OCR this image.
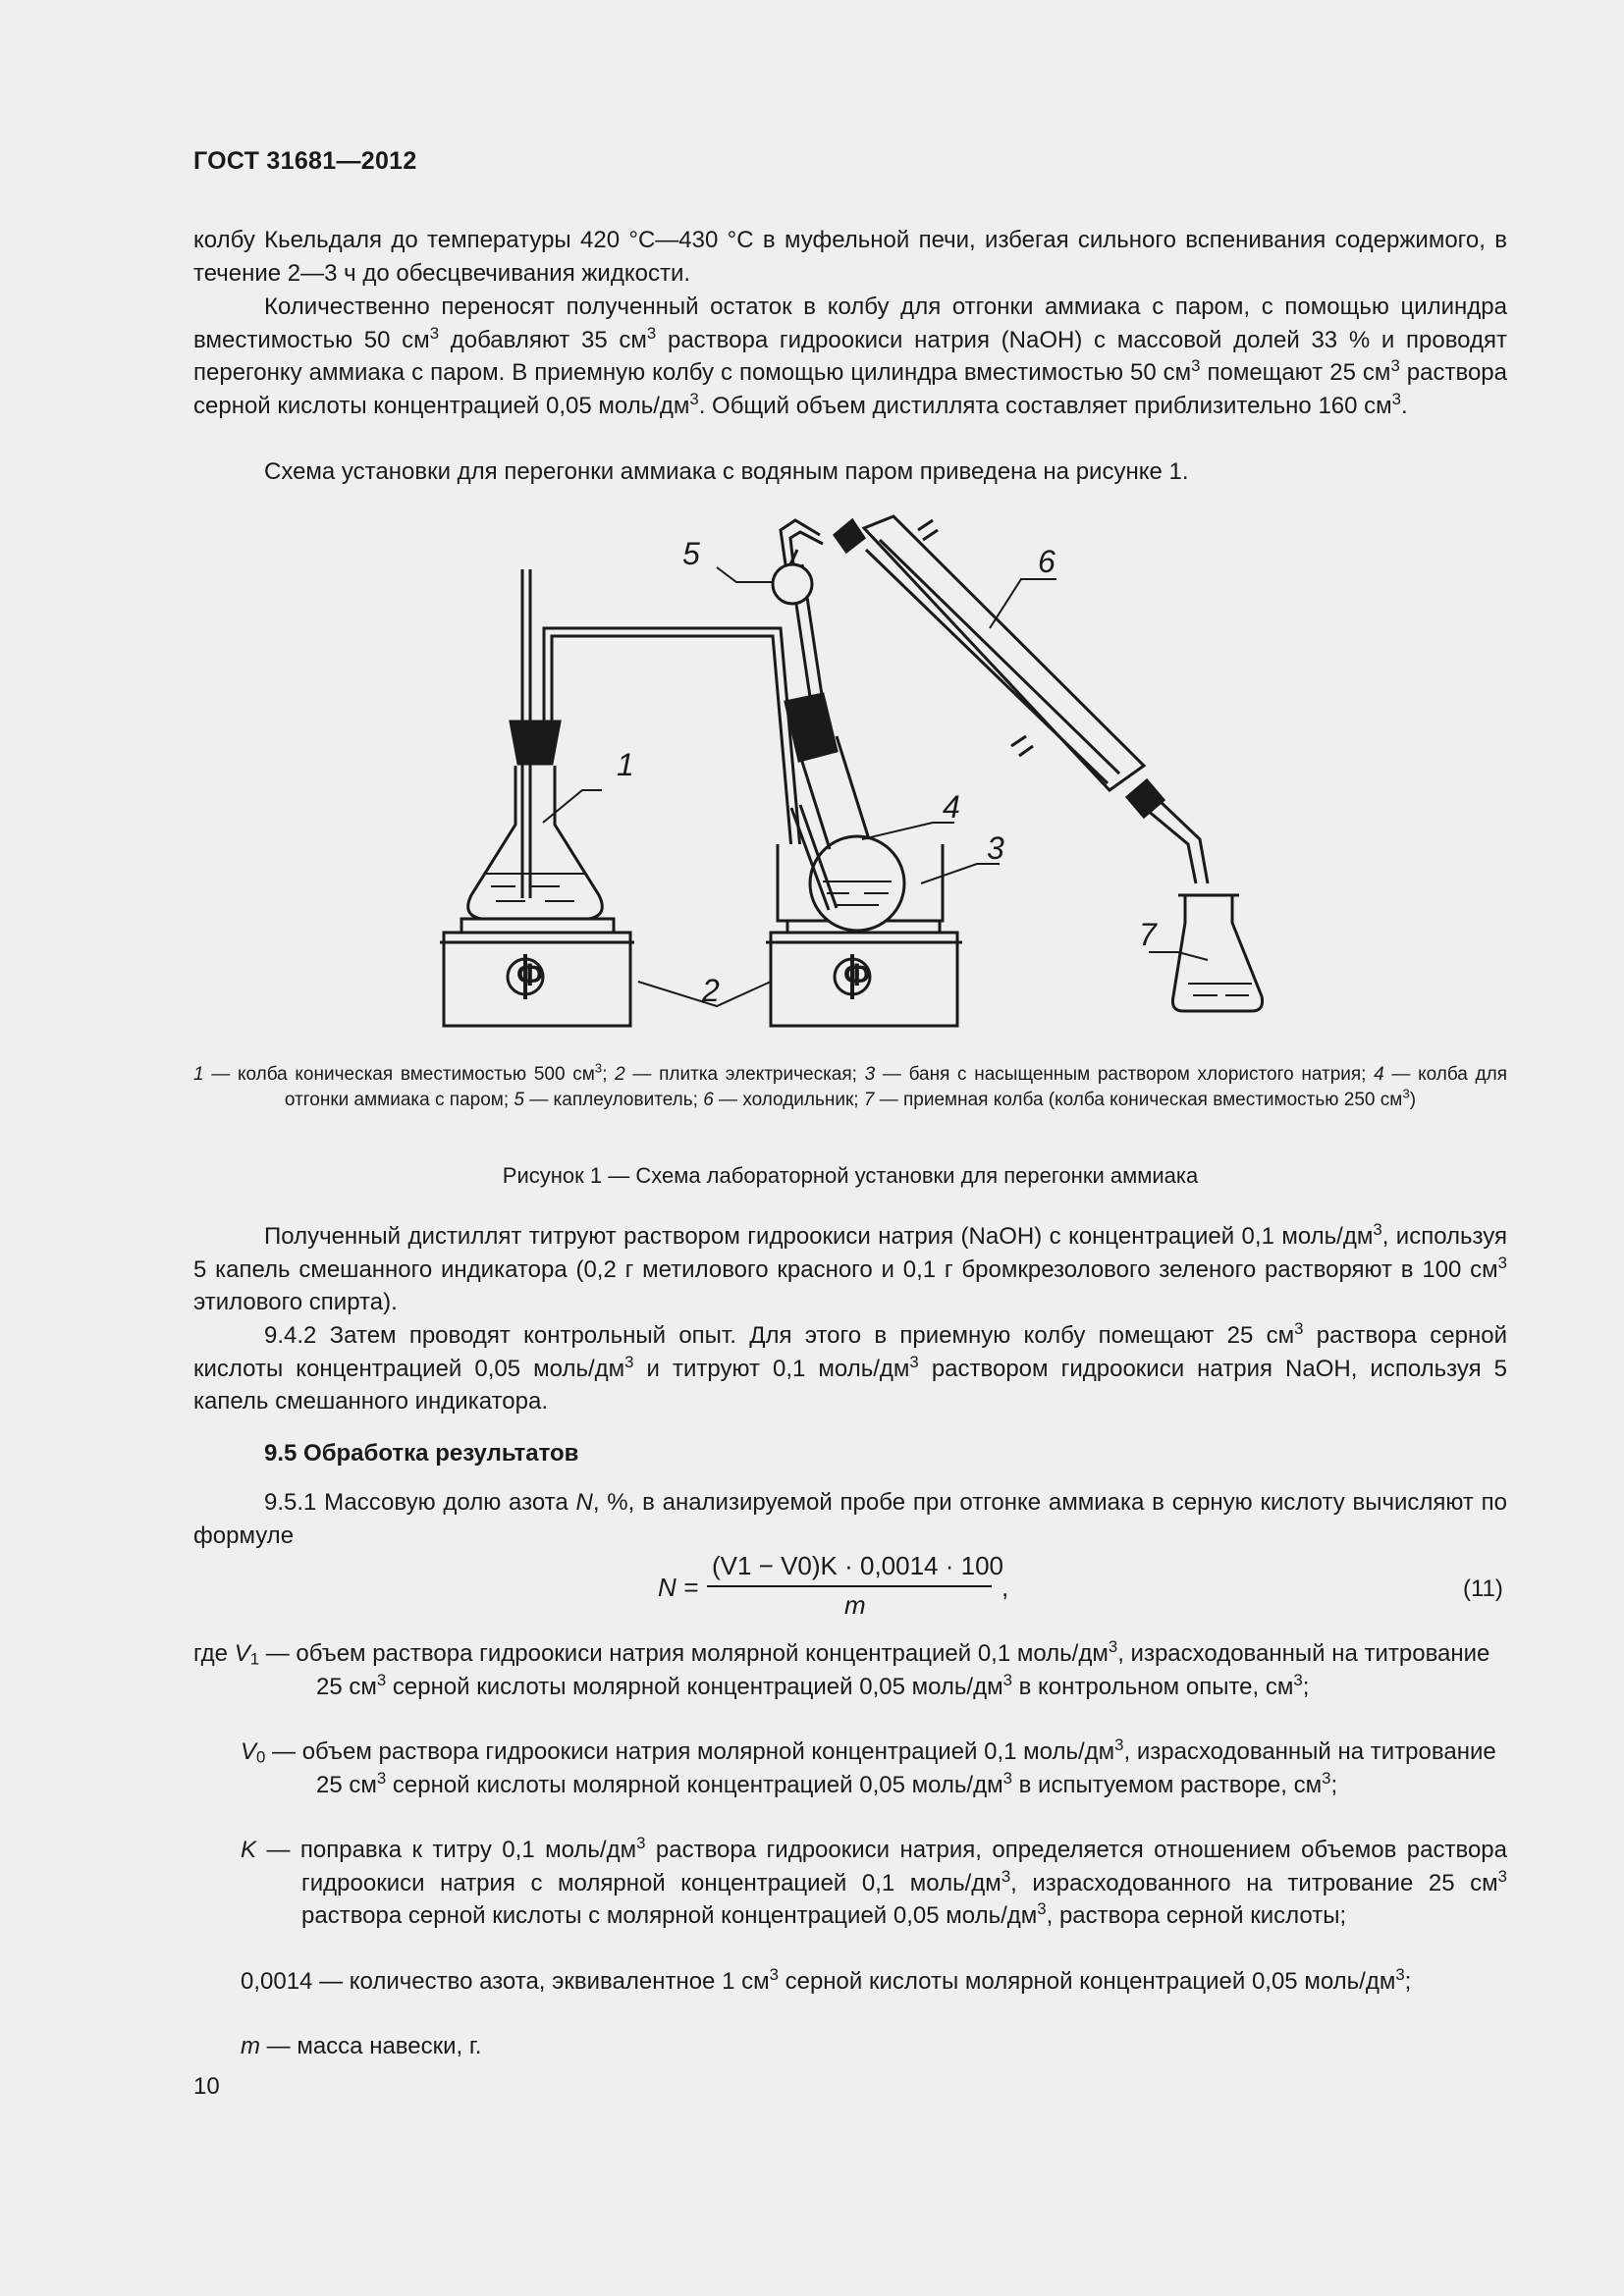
ГОСТ 31681—2012

колбу Кьельдаля до температуры 420 °С—430 °С в муфельной печи, избегая сильного вспенивания содержимого, в течение 2—3 ч до обесцвечивания жидкости.

Количественно переносят полученный остаток в колбу для отгонки аммиака с паром, с помощью цилиндра вместимостью 50 $см^3$ добавляют 35 $см^3$ раствора гидроокиси натрия (NaOH) с массовой долей 33 % и проводят перегонку аммиака с паром. В приемную колбу с помощью цилиндра вместимостью 50 $см^3$ помещают 25 $см^3$ раствора серной кислоты концентрацией 0,05 моль/$дм^3$. Общий объем дистиллята составляет приблизительно 160 $см^3$.

Схема установки для перегонки аммиака с водяным паром приведена на рисунке 1.

Ф
1
Ф
2
3
4
5	6
7
1 — колба коническая вместимостью 500 $см^3$; 2 — плитка электрическая; 3 — баня с насыщенным раствором хлористого натрия; 4 — колба для отгонки аммиака с паром; 5 — каплеуловитель; 6 — холодильник; 7 — приемная колба (колба коническая вместимостью 250 $см^3$)
Рисунок 1 — Схема лабораторной установки для перегонки аммиака

Полученный дистиллят титруют раствором гидроокиси натрия (NaOH) с концентрацией 0,1 моль/$дм^3$, используя 5 капель смешанного индикатора (0,2 г метилового красного и 0,1 г бромкрезолового зеленого растворяют в 100 $см^3$ этилового спирта).

9.4.2 Затем проводят контрольный опыт. Для этого в приемную колбу помещают 25 $см^3$ раствора серной кислоты концентрацией 0,05 моль/$дм^3$ и титруют 0,1 моль/$дм^3$ раствором гидроокиси натрия NaOH, используя 5 капель смешанного индикатора.

9.5 Обработка результатов

9.5.1 Массовую долю азота N, %, в анализируемой пробе при отгонке аммиака в серную кислоту вычисляют по формуле

N =
(V1 − V0)K · 0,0014 · 100
m
,	(11)
где $V_1$ — объем раствора гидроокиси натрия молярной концентрацией 0,1 моль/$дм^3$, израсходованный на титрование 25 $см^3$ серной кислоты молярной концентрацией 0,05 моль/$дм^3$ в контрольном опыте, $см^3$;
$V_0$ — объем раствора гидроокиси натрия молярной концентрацией 0,1 моль/$дм^3$, израсходованный на титрование 25 $см^3$ серной кислоты молярной концентрацией 0,05 моль/$дм^3$ в испытуемом растворе, $см^3$;
K — поправка к титру 0,1 моль/$дм^3$ раствора гидроокиси натрия, определяется отношением объемов раствора гидроокиси натрия с молярной концентрацией 0,1 моль/$дм^3$, израсходованного на титрование 25 $см^3$ раствора серной кислоты с молярной концентрацией 0,05 моль/$дм^3$, раствора серной кислоты;
0,0014 — количество азота, эквивалентное 1 $см^3$ серной кислоты молярной концентрацией 0,05 моль/$дм^3$;
m — масса навески, г.
10
